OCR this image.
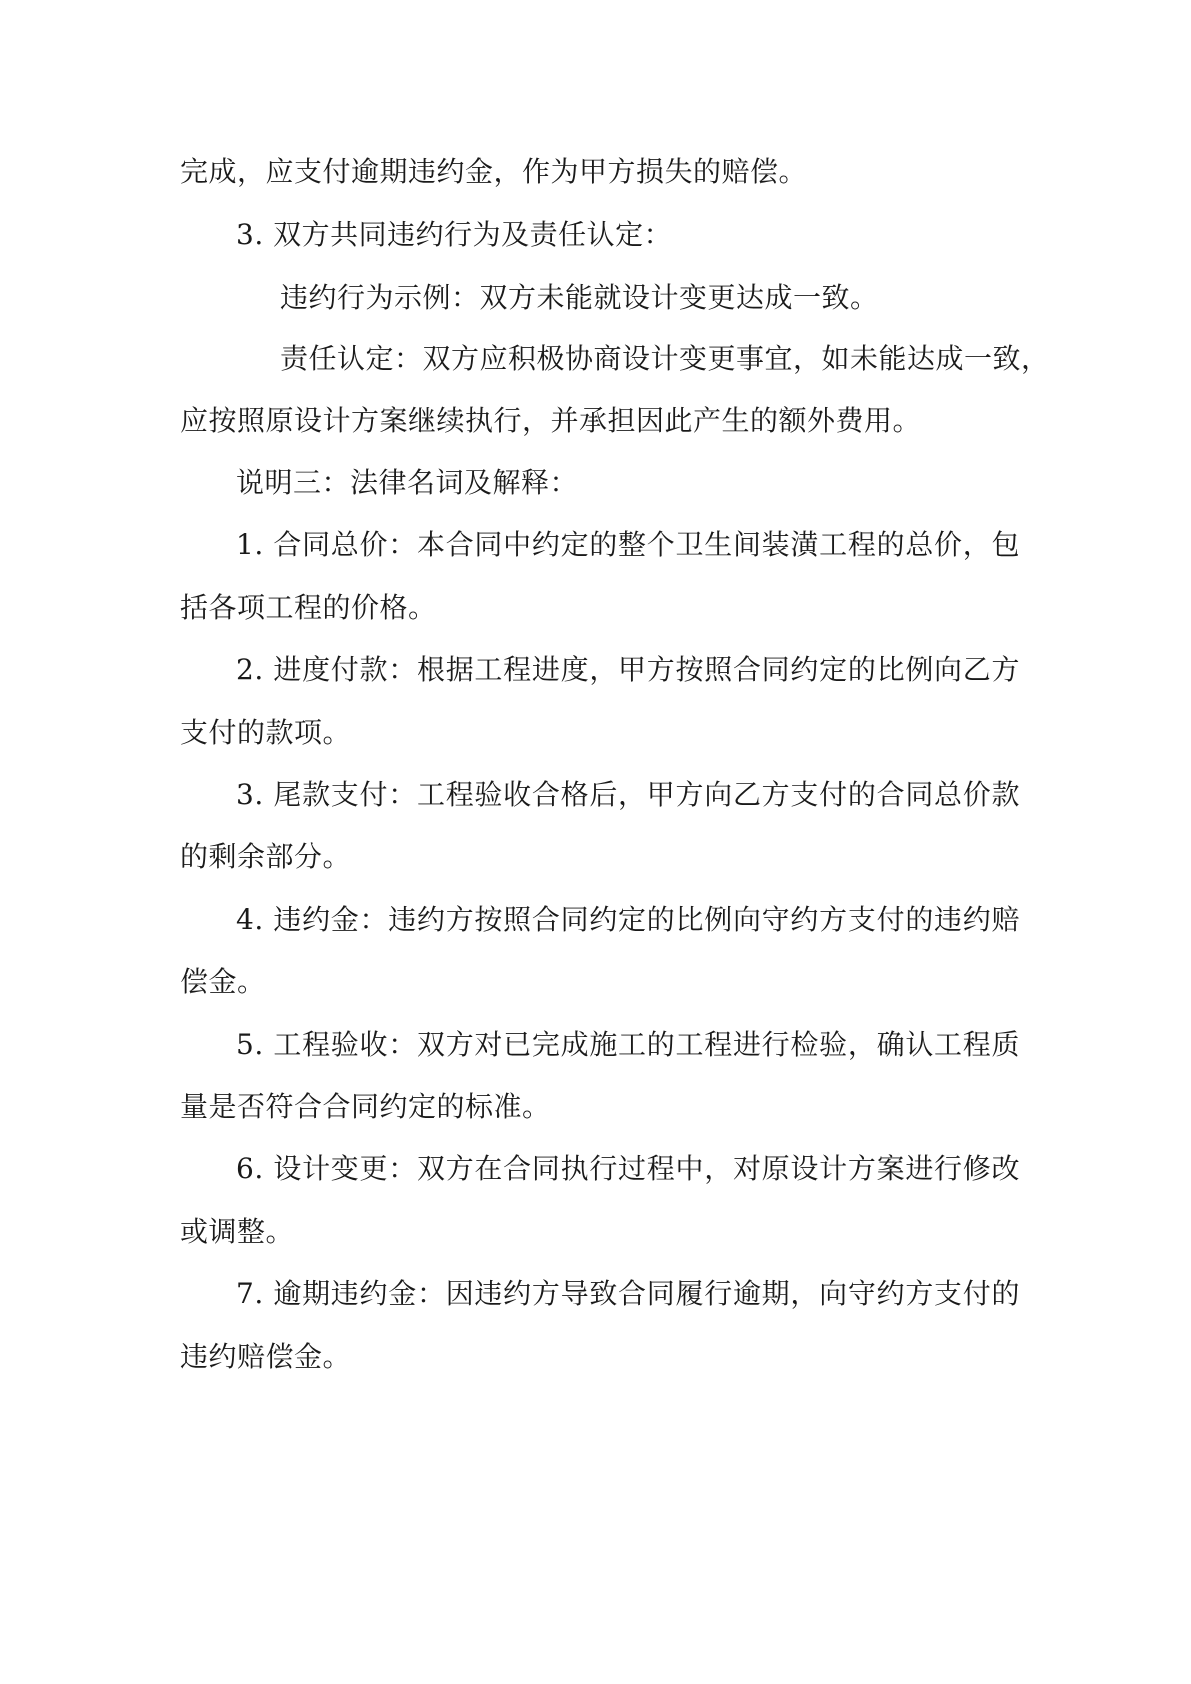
完成，应支付逾期违约金，作为甲方损失的赔偿。
3. 双方共同违约行为及责任认定：
违约行为示例：双方未能就设计变更达成一致。
责任认定：双方应积极协商设计变更事宜，如未能达成一致，
应按照原设计方案继续执行，并承担因此产生的额外费用。
说明三：法律名词及解释：
1. 合同总价：本合同中约定的整个卫生间装潢工程的总价，包
括各项工程的价格。
2. 进度付款：根据工程进度，甲方按照合同约定的比例向乙方
支付的款项。
3. 尾款支付：工程验收合格后，甲方向乙方支付的合同总价款
的剩余部分。
4. 违约金：违约方按照合同约定的比例向守约方支付的违约赔
偿金。
5. 工程验收：双方对已完成施工的工程进行检验，确认工程质
量是否符合合同约定的标准。
6. 设计变更：双方在合同执行过程中，对原设计方案进行修改
或调整。
7. 逾期违约金：因违约方导致合同履行逾期，向守约方支付的
违约赔偿金。
